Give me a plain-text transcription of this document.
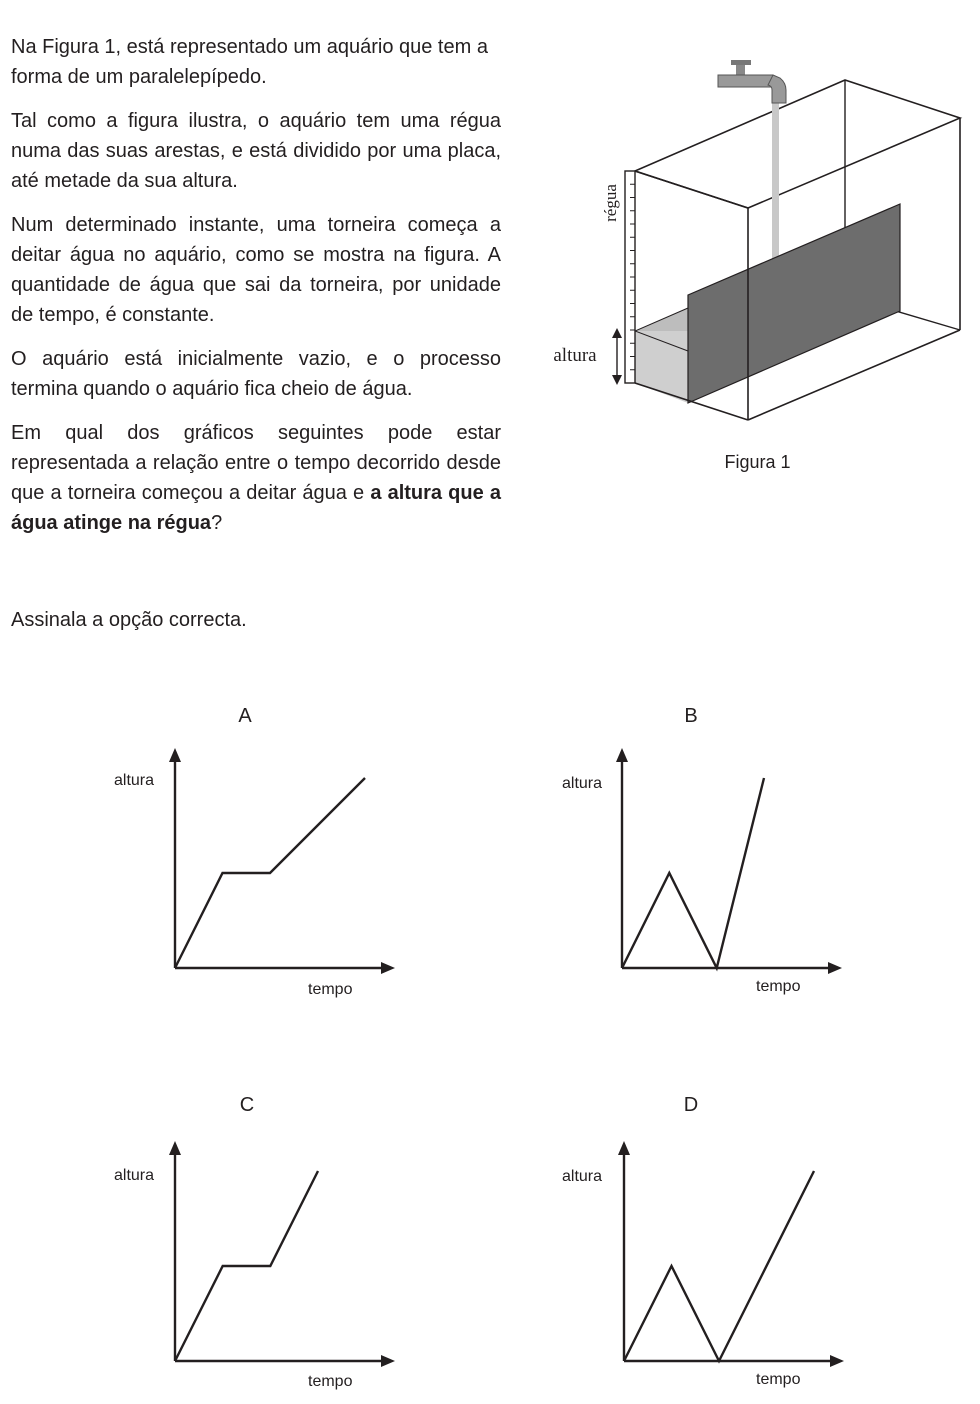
Na Figura 1, está representado um aquário que tem a forma de um paralelepípedo.

Tal como a figura ilustra, o aquário tem uma régua numa das suas arestas, e está dividido por uma placa, até metade da sua altura.

Num determinado instante, uma torneira começa a deitar água no aquário, como se mostra na figura. A quantidade de água que sai da torneira, por unidade de tempo, é constante.

O aquário está inicialmente vazio, e o processo termina quando o aquário fica cheio de água.

Em qual dos gráficos seguintes pode estar representada a relação entre o tempo decorrido desde que a torneira começou a deitar água e a altura que a água atinge na régua?

Assinala a opção correcta.

régua
altura
Figura 1
A
altura
tempo
B
altura
tempo
C
altura
tempo
D
altura
tempo
